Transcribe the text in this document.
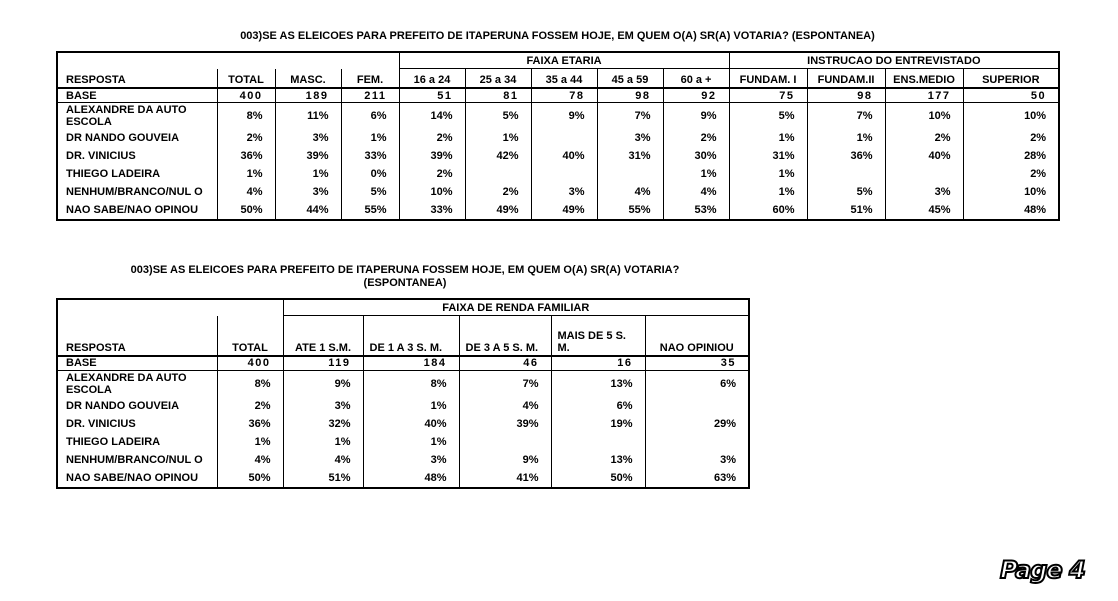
003)SE AS ELEICOES PARA PREFEITO DE ITAPERUNA FOSSEM HOJE, EM QUEM O(A) SR(A) VOTARIA? (ESPONTANEA)
				FAIXA ETARIA					INSTRUCAO DO ENTREVISTADO			
RESPOSTA	TOTAL	MASC.	FEM.	16 a 24	25 a 34	35 a 44	45 a 59	60 a +	FUNDAM. I	FUNDAM.II	ENS.MEDIO	SUPERIOR
BASE	400	189	211	51	81	78	98	92	75	98	177	50
ALEXANDRE DA AUTO ESCOLA	8%	11%	6%	14%	5%	9%	7%	9%	5%	7%	10%	10%
DR NANDO GOUVEIA	2%	3%	1%	2%	1%		3%	2%	1%	1%	2%	2%
DR. VINICIUS	36%	39%	33%	39%	42%	40%	31%	30%	31%	36%	40%	28%
THIEGO LADEIRA	1%	1%	0%	2%				1%	1%			2%
NENHUM/BRANCO/NUL O	4%	3%	5%	10%	2%	3%	4%	4%	1%	5%	3%	10%
NAO SABE/NAO OPINOU	50%	44%	55%	33%	49%	49%	55%	53%	60%	51%	45%	48%
003)SE AS ELEICOES PARA PREFEITO DE ITAPERUNA FOSSEM HOJE, EM QUEM O(A) SR(A) VOTARIA?
(ESPONTANEA)
		FAIXA DE RENDA FAMILIAR				
RESPOSTA	TOTAL	ATE 1 S.M.	DE 1 A 3 S. M.	DE 3 A 5 S. M.	MAIS DE 5 S. M.	NAO OPINIOU
BASE	400	119	184	46	16	35
ALEXANDRE DA AUTO ESCOLA	8%	9%	8%	7%	13%	6%
DR NANDO GOUVEIA	2%	3%	1%	4%	6%	
DR. VINICIUS	36%	32%	40%	39%	19%	29%
THIEGO LADEIRA	1%	1%	1%			
NENHUM/BRANCO/NUL O	4%	4%	3%	9%	13%	3%
NAO SABE/NAO OPINOU	50%	51%	48%	41%	50%	63%
Page 4
